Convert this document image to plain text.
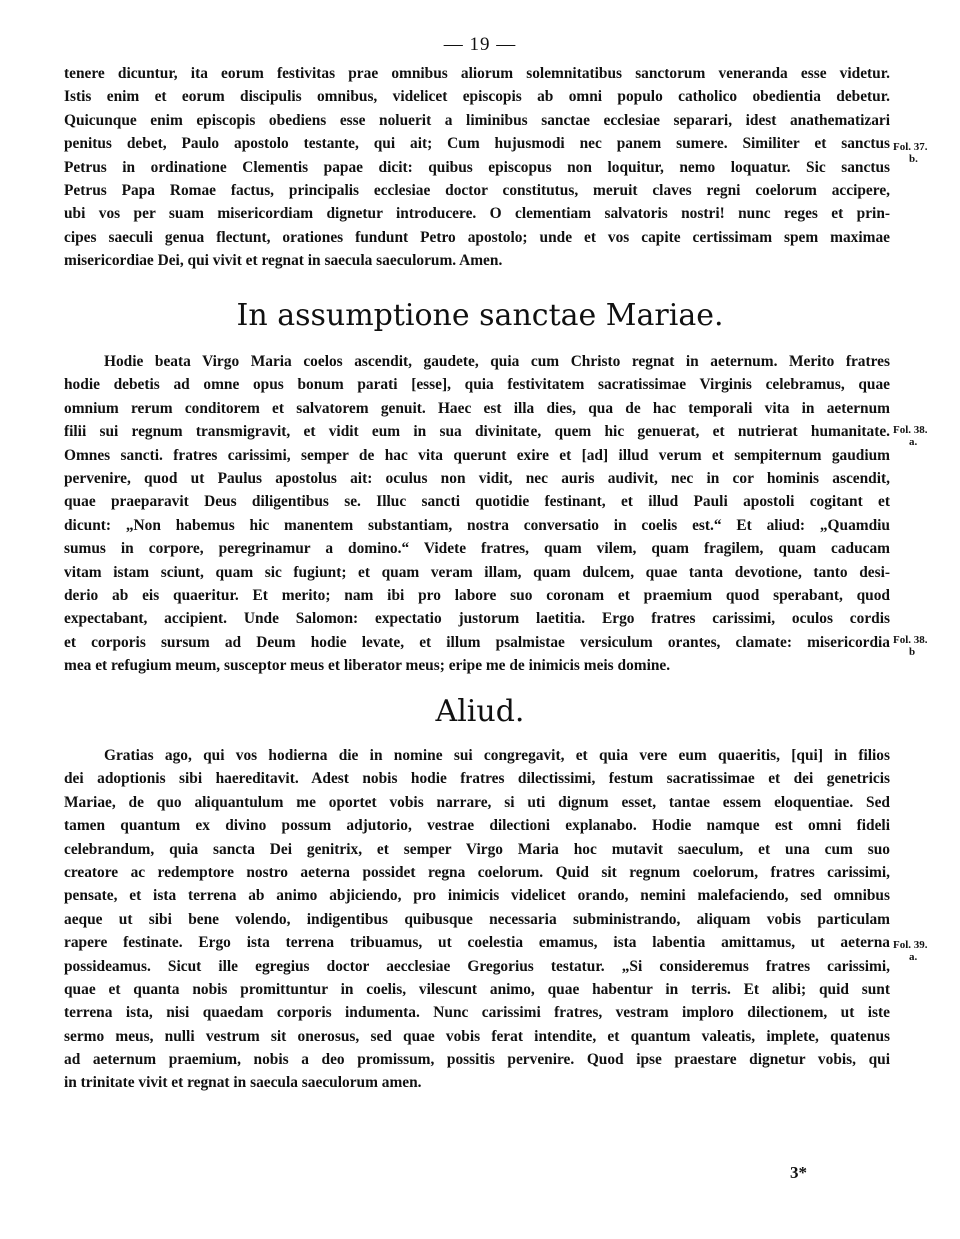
— 19 —
tenere dicuntur, ita eorum festivitas prae omnibus aliorum solemnitatibus sanctorum veneranda esse videtur.
Istis enim et eorum discipulis omnibus, videlicet episcopis ab omni populo catholico obedientia debetur.
Quicunque enim episcopis obediens esse noluerit a liminibus sanctae ecclesiae separari, idest anathematizari
penitus debet, Paulo apostolo testante, qui ait; Cum hujusmodi nec panem sumere. Similiter et sanctus
Petrus in ordinatione Clementis papae dicit: quibus episcopus non loquitur, nemo loquatur. Sic sanctus
Petrus Papa Romae factus, principalis ecclesiae doctor constitutus, meruit claves regni coelorum accipere,
ubi vos per suam misericordiam dignetur introducere. O clementiam salvatoris nostri! nunc reges et prin-
cipes saeculi genua flectunt, orationes fundunt Petro apostolo; unde et vos capite certissimam spem maximae
misericordiae Dei, qui vivit et regnat in saecula saeculorum. Amen.
In assumptione sanctae Mariae.
Hodie beata Virgo Maria coelos ascendit, gaudete, quia cum Christo regnat in aeternum. Merito fratres
hodie debetis ad omne opus bonum parati [esse], quia festivitatem sacratissimae Virginis celebramus, quae
omnium rerum conditorem et salvatorem genuit. Haec est illa dies, qua de hac temporali vita in aeternum
filii sui regnum transmigravit, et vidit eum in sua divinitate, quem hic genuerat, et nutrierat humanitate.
Omnes sancti. fratres carissimi, semper de hac vita querunt exire et [ad] illud verum et sempiternum gaudium
pervenire, quod ut Paulus apostolus ait: oculus non vidit, nec auris audivit, nec in cor hominis ascendit,
quae praeparavit Deus diligentibus se. Illuc sancti quotidie festinant, et illud Pauli apostoli cogitant et
dicunt: „Non habemus hic manentem substantiam, nostra conversatio in coelis est.“ Et aliud: „Quamdiu
sumus in corpore, peregrinamur a domino.“ Videte fratres, quam vilem, quam fragilem, quam caducam
vitam istam sciunt, quam sic fugiunt; et quam veram illam, quam dulcem, quae tanta devotione, tanto desi-
derio ab eis quaeritur. Et merito; nam ibi pro labore suo coronam et praemium quod sperabant, quod
expectabant, accipient. Unde Salomon: expectatio justorum laetitia. Ergo fratres carissimi, oculos cordis
et corporis sursum ad Deum hodie levate, et illum psalmistae versiculum orantes, clamate: misericordia
mea et refugium meum, susceptor meus et liberator meus; eripe me de inimicis meis domine.
Aliud.
Gratias ago, qui vos hodierna die in nomine sui congregavit, et quia vere eum quaeritis, [qui] in filios
dei adoptionis sibi haereditavit. Adest nobis hodie fratres dilectissimi, festum sacratissimae et dei genetricis
Mariae, de quo aliquantulum me oportet vobis narrare, si uti dignum esset, tantae essem eloquentiae. Sed
tamen quantum ex divino possum adjutorio, vestrae dilectioni explanabo. Hodie namque est omni fideli
celebrandum, quia sancta Dei genitrix, et semper Virgo Maria hoc mutavit saeculum, et una cum suo
creatore ac redemptore nostro aeterna possidet regna coelorum. Quid sit regnum coelorum, fratres carissimi,
pensate, et ista terrena ab animo abjiciendo, pro inimicis videlicet orando, nemini malefaciendo, sed omnibus
aeque ut sibi bene volendo, indigentibus quibusque necessaria subministrando, aliquam vobis particulam
rapere festinate. Ergo ista terrena tribuamus, ut coelestia emamus, ista labentia amittamus, ut aeterna
possideamus. Sicut ille egregius doctor aecclesiae Gregorius testatur. „Si consideremus fratres carissimi,
quae et quanta nobis promittuntur in coelis, vilescunt animo, quae habentur in terris. Et alibi; quid sunt
terrena ista, nisi quaedam corporis indumenta. Nunc carissimi fratres, vestram imploro dilectionem, ut iste
sermo meus, nulli vestrum sit onerosus, sed quae vobis ferat intendite, et quantum valeatis, implete, quatenus
ad aeternum praemium, nobis a deo promissum, possitis pervenire. Quod ipse praestare dignetur vobis, qui
in trinitate vivit et regnat in saecula saeculorum amen.
Fol. 37.
b.
Fol. 38.
a.
Fol. 38.
b
Fol. 39.
a.
3*
